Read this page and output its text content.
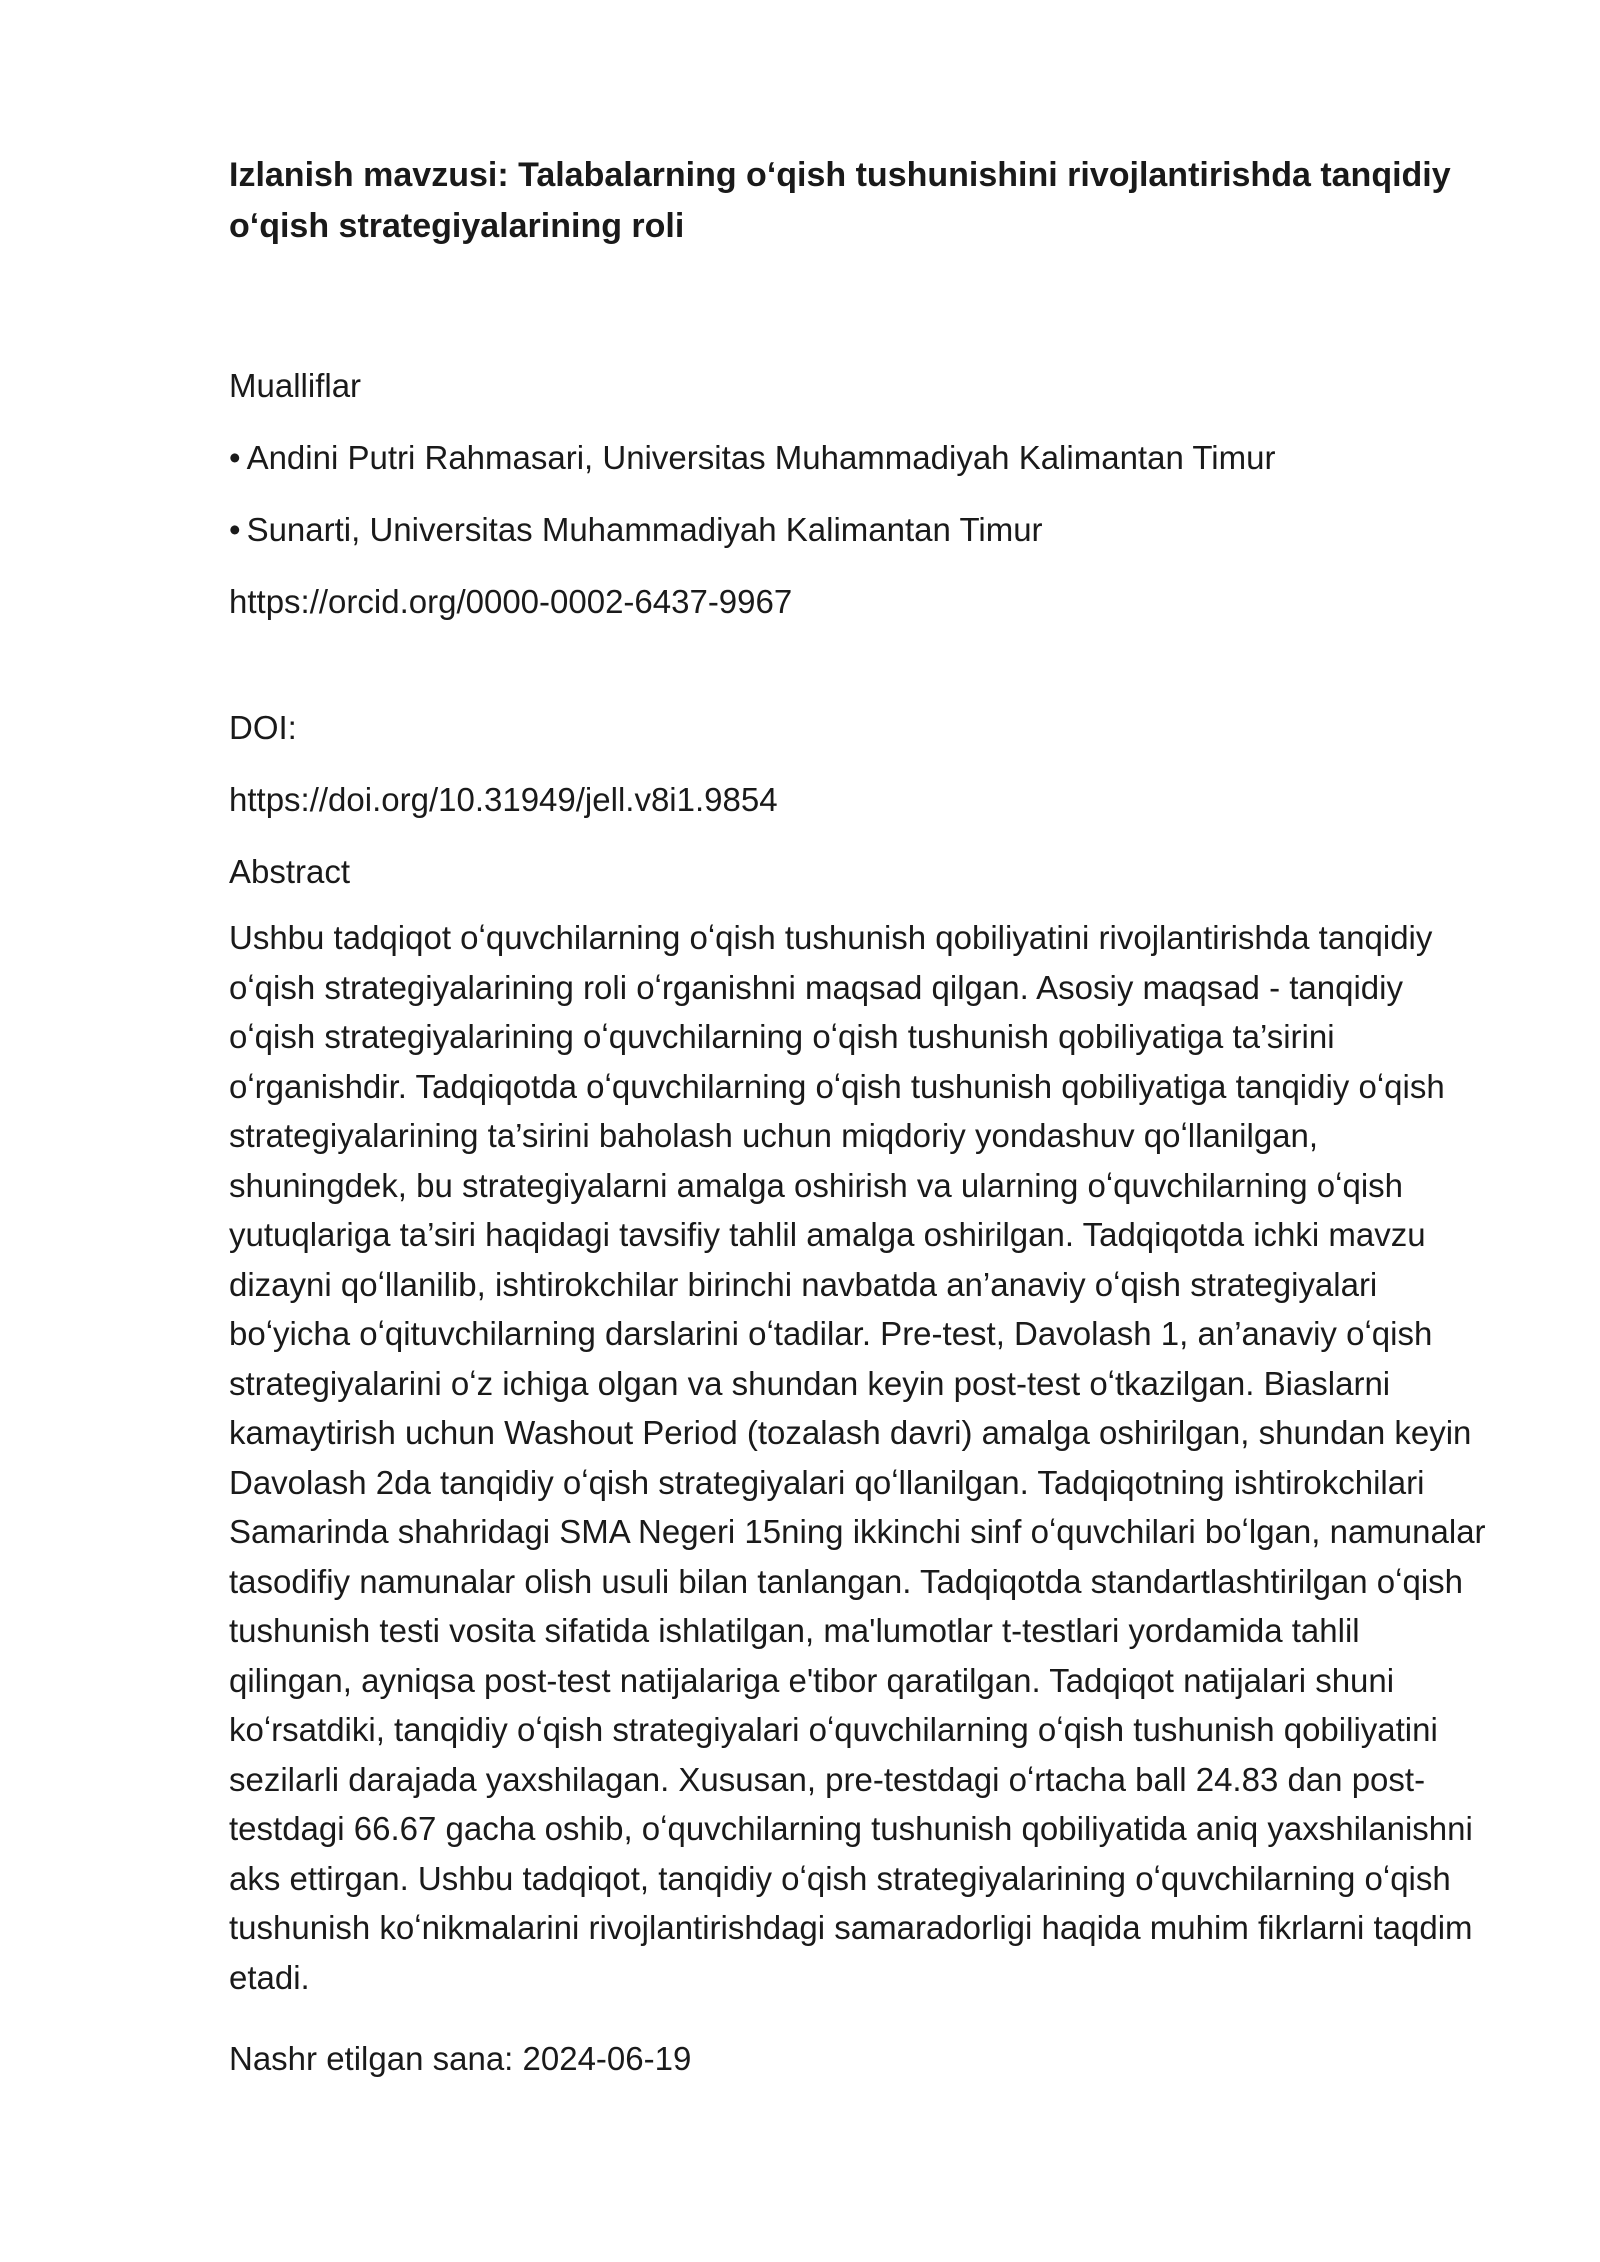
Izlanish mavzusi: Talabalarning oʻqish tushunishini rivojlantirishda tanqidiy oʻqish strategiyalarining roli

Mualliflar

• Andini Putri Rahmasari, Universitas Muhammadiyah Kalimantan Timur

• Sunarti, Universitas Muhammadiyah Kalimantan Timur

https://orcid.org/0000-0002-6437-9967

DOI:

https://doi.org/10.31949/jell.v8i1.9854

Abstract

Ushbu tadqiqot oʻquvchilarning oʻqish tushunish qobiliyatini rivojlantirishda tanqidiy oʻqish strategiyalarining roli oʻrganishni maqsad qilgan. Asosiy maqsad - tanqidiy oʻqish strategiyalarining oʻquvchilarning oʻqish tushunish qobiliyatiga ta’sirini oʻrganishdir. Tadqiqotda oʻquvchilarning oʻqish tushunish qobiliyatiga tanqidiy oʻqish strategiyalarining ta’sirini baholash uchun miqdoriy yondashuv qoʻllanilgan, shuningdek, bu strategiyalarni amalga oshirish va ularning oʻquvchilarning oʻqish yutuqlariga ta’siri haqidagi tavsifiy tahlil amalga oshirilgan. Tadqiqotda ichki mavzu dizayni qoʻllanilib, ishtirokchilar birinchi navbatda an’anaviy oʻqish strategiyalari boʻyicha oʻqituvchilarning darslarini oʻtadilar. Pre-test, Davolash 1, an’anaviy oʻqish strategiyalarini oʻz ichiga olgan va shundan keyin post-test oʻtkazilgan. Biaslarni kamaytirish uchun Washout Period (tozalash davri) amalga oshirilgan, shundan keyin Davolash 2da tanqidiy oʻqish strategiyalari qoʻllanilgan. Tadqiqotning ishtirokchilari Samarinda shahridagi SMA Negeri 15ning ikkinchi sinf oʻquvchilari boʻlgan, namunalar tasodifiy namunalar olish usuli bilan tanlangan. Tadqiqotda standartlashtirilgan oʻqish tushunish testi vosita sifatida ishlatilgan, ma'lumotlar t-testlari yordamida tahlil qilingan, ayniqsa post-test natijalariga e'tibor qaratilgan. Tadqiqot natijalari shuni koʻrsatdiki, tanqidiy oʻqish strategiyalari oʻquvchilarning oʻqish tushunish qobiliyatini sezilarli darajada yaxshilagan. Xususan, pre-testdagi oʻrtacha ball 24.83 dan post-testdagi 66.67 gacha oshib, oʻquvchilarning tushunish qobiliyatida aniq yaxshilanishni aks ettirgan. Ushbu tadqiqot, tanqidiy oʻqish strategiyalarining oʻquvchilarning oʻqish tushunish koʻnikmalarini rivojlantirishdagi samaradorligi haqida muhim fikrlarni taqdim etadi.

Nashr etilgan sana: 2024-06-19
